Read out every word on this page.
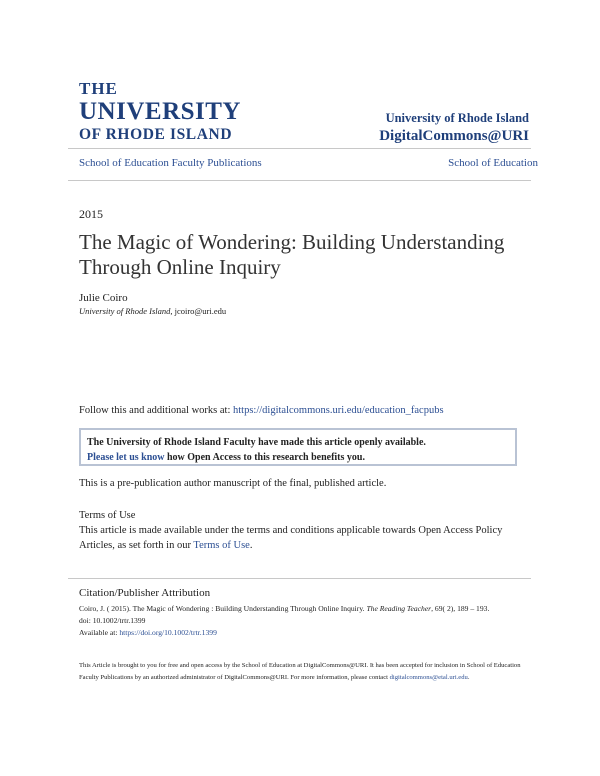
THE
UNIVERSITY
OF RHODE ISLAND
University of Rhode Island
DigitalCommons@URI
School of Education Faculty Publications	School of Education
2015
The Magic of Wondering: Building Understanding Through Online Inquiry
Julie Coiro
University of Rhode Island, jcoiro@uri.edu
Follow this and additional works at: https://digitalcommons.uri.edu/education_facpubs
The University of Rhode Island Faculty have made this article openly available.
Please let us know how Open Access to this research benefits you.
This is a pre-publication author manuscript of the final, published article.
Terms of Use
This article is made available under the terms and conditions applicable towards Open Access Policy Articles, as set forth in our Terms of Use.
Citation/Publisher Attribution
Coiro, J. ( 2015). The Magic of Wondering : Building Understanding Through Online Inquiry. The Reading Teacher, 69( 2), 189 – 193.
doi: 10.1002/trtr.1399
Available at: https://doi.org/10.1002/trtr.1399
This Article is brought to you for free and open access by the School of Education at DigitalCommons@URI. It has been accepted for inclusion in School of Education Faculty Publications by an authorized administrator of DigitalCommons@URI. For more information, please contact digitalcommons@etal.uri.edu.
